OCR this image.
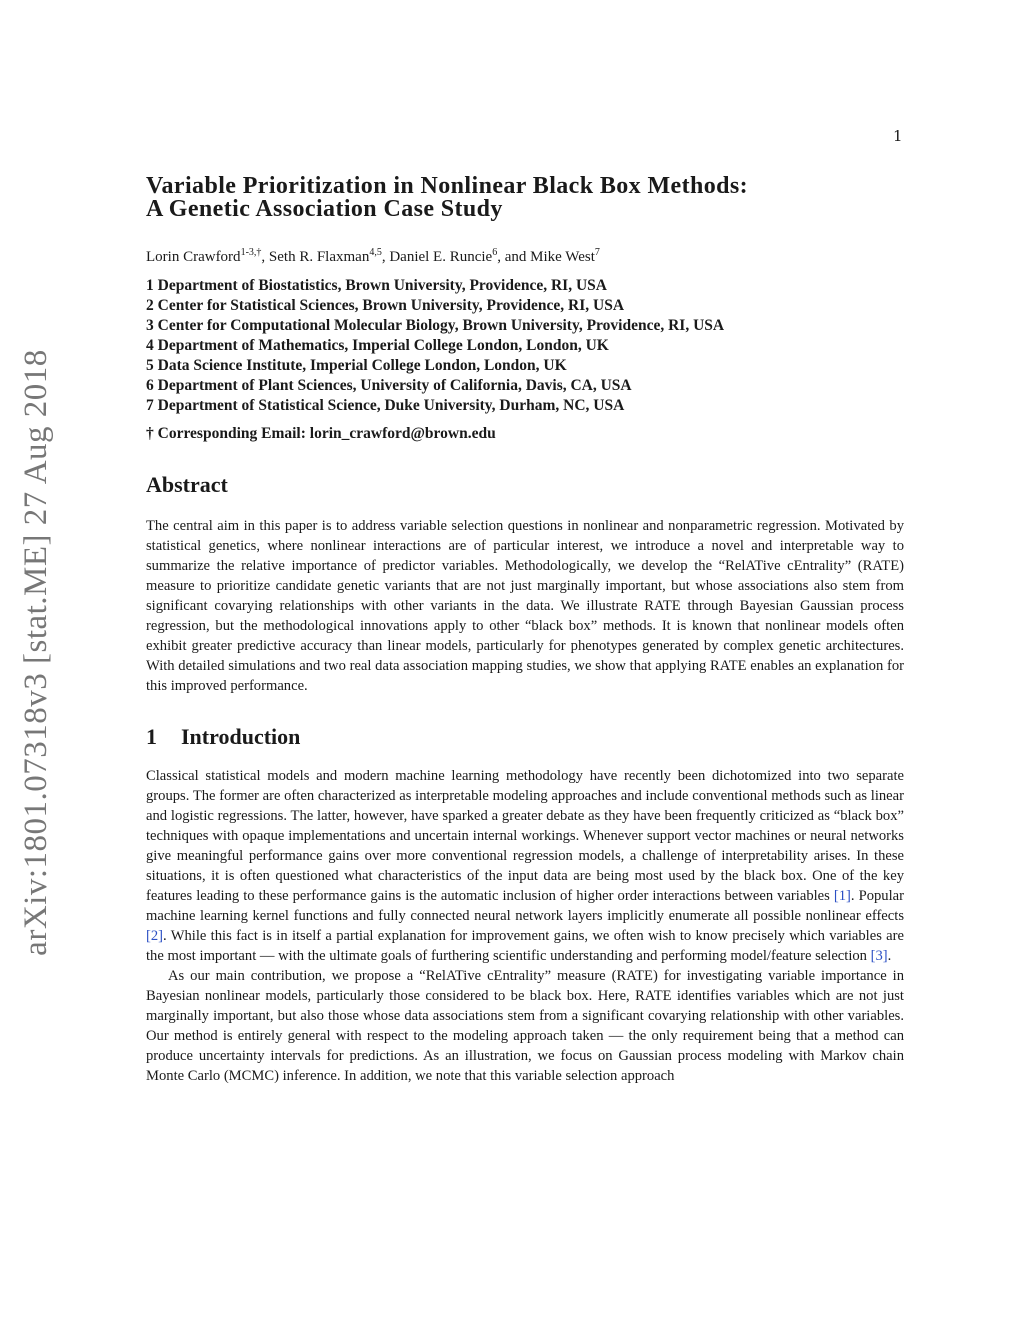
1
arXiv:1801.07318v3 [stat.ME] 27 Aug 2018
Variable Prioritization in Nonlinear Black Box Methods:
A Genetic Association Case Study
Lorin Crawford$^{1-3,\dagger}$, Seth R. Flaxman$^{4,5}$, Daniel E. Runcie$^6$, and Mike West$^7$
1 Department of Biostatistics, Brown University, Providence, RI, USA
2 Center for Statistical Sciences, Brown University, Providence, RI, USA
3 Center for Computational Molecular Biology, Brown University, Providence, RI, USA
4 Department of Mathematics, Imperial College London, London, UK
5 Data Science Institute, Imperial College London, London, UK
6 Department of Plant Sciences, University of California, Davis, CA, USA
7 Department of Statistical Science, Duke University, Durham, NC, USA
† Corresponding Email: lorin_crawford@brown.edu
Abstract

The central aim in this paper is to address variable selection questions in nonlinear and nonparametric regression. Motivated by statistical genetics, where nonlinear interactions are of particular interest, we introduce a novel and interpretable way to summarize the relative importance of predictor variables. Methodologically, we develop the “RelATive cEntrality” (RATE) measure to prioritize candidate genetic variants that are not just marginally important, but whose associations also stem from significant covarying relationships with other variants in the data. We illustrate RATE through Bayesian Gaussian process regression, but the methodological innovations apply to other “black box” methods. It is known that nonlinear models often exhibit greater predictive accuracy than linear models, particularly for phenotypes generated by complex genetic architectures. With detailed simulations and two real data association mapping studies, we show that applying RATE enables an explanation for this improved performance.

1 Introduction

Classical statistical models and modern machine learning methodology have recently been dichotomized into two separate groups. The former are often characterized as interpretable modeling approaches and include conventional methods such as linear and logistic regressions. The latter, however, have sparked a greater debate as they have been frequently criticized as “black box” techniques with opaque implementations and uncertain internal workings. Whenever support vector machines or neural networks give meaningful performance gains over more conventional regression models, a challenge of interpretability arises. In these situations, it is often questioned what characteristics of the input data are being most used by the black box. One of the key features leading to these performance gains is the automatic inclusion of higher order interactions between variables [1]. Popular machine learning kernel functions and fully connected neural network layers implicitly enumerate all possible nonlinear effects [2]. While this fact is in itself a partial explanation for improvement gains, we often wish to know precisely which variables are the most important — with the ultimate goals of furthering scientific understanding and performing model/feature selection [3].

As our main contribution, we propose a “RelATive cEntrality” measure (RATE) for investigating variable importance in Bayesian nonlinear models, particularly those considered to be black box. Here, RATE identifies variables which are not just marginally important, but also those whose data associations stem from a significant covarying relationship with other variables. Our method is entirely general with respect to the modeling approach taken — the only requirement being that a method can produce uncertainty intervals for predictions. As an illustration, we focus on Gaussian process modeling with Markov chain Monte Carlo (MCMC) inference. In addition, we note that this variable selection approach
